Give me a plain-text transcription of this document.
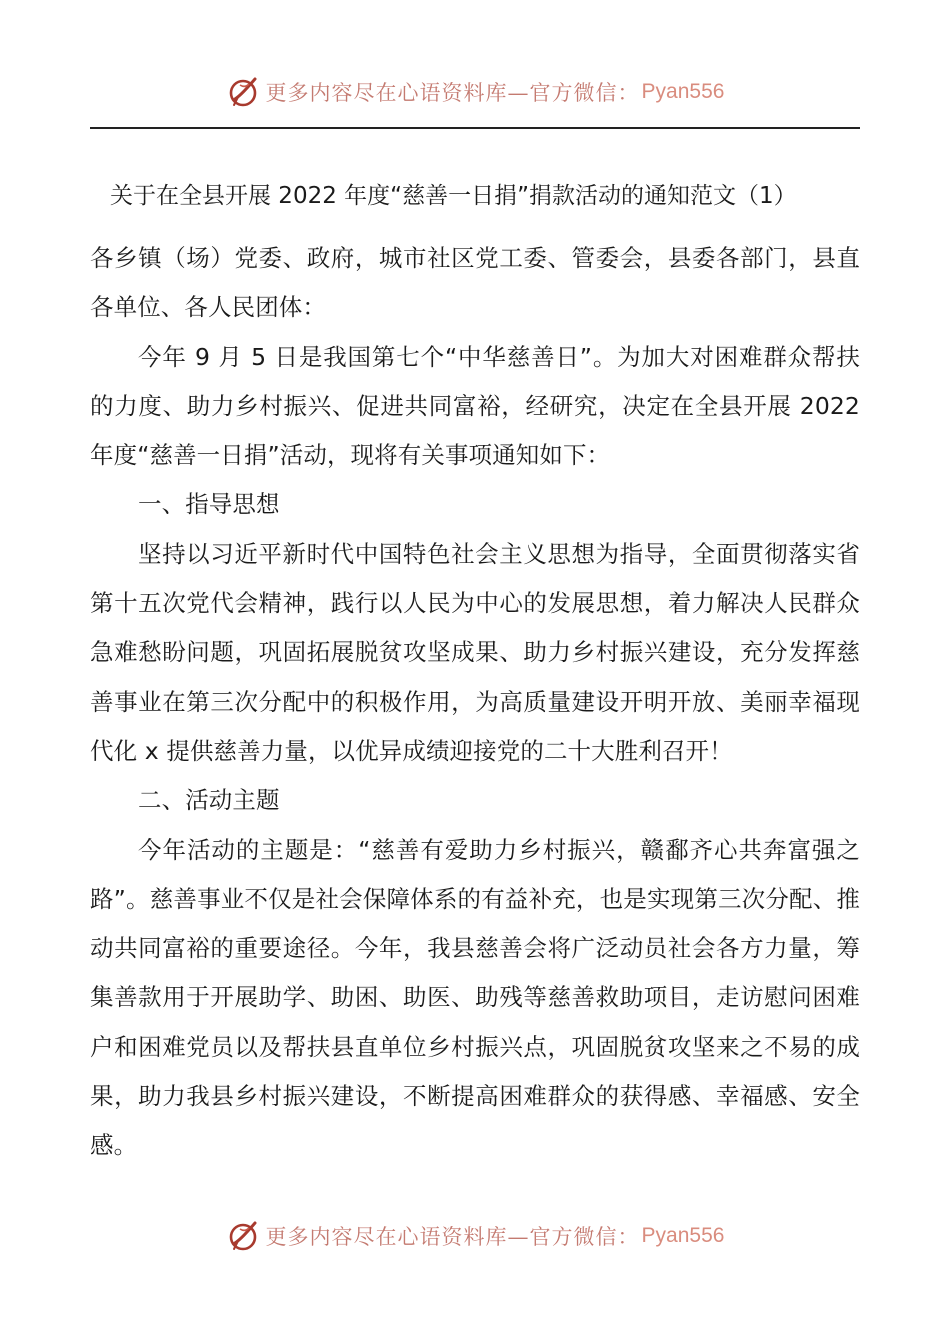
更多内容尽在心语资料库—官方微信： Pyan556
关于在全县开展 2022 年度“慈善一日捐”捐款活动的通知范文（1）

各乡镇（场）党委、政府，城市社区党工委、管委会，县委各部门，县直各单位、各人民团体：

今年 9 月 5 日是我国第七个“中华慈善日”。为加大对困难群众帮扶的力度、助力乡村振兴、促进共同富裕，经研究，决定在全县开展 2022 年度“慈善一日捐”活动，现将有关事项通知如下：

一、指导思想

坚持以习近平新时代中国特色社会主义思想为指导，全面贯彻落实省第十五次党代会精神，践行以人民为中心的发展思想，着力解决人民群众急难愁盼问题，巩固拓展脱贫攻坚成果、助力乡村振兴建设，充分发挥慈善事业在第三次分配中的积极作用，为高质量建设开明开放、美丽幸福现代化 x 提供慈善力量，以优异成绩迎接党的二十大胜利召开！

二、活动主题

今年活动的主题是：“慈善有爱助力乡村振兴，赣鄱齐心共奔富强之路”。慈善事业不仅是社会保障体系的有益补充，也是实现第三次分配、推动共同富裕的重要途径。今年，我县慈善会将广泛动员社会各方力量，筹集善款用于开展助学、助困、助医、助残等慈善救助项目，走访慰问困难户和困难党员以及帮扶县直单位乡村振兴点，巩固脱贫攻坚来之不易的成果，助力我县乡村振兴建设，不断提高困难群众的获得感、幸福感、安全感。

更多内容尽在心语资料库—官方微信： Pyan556
